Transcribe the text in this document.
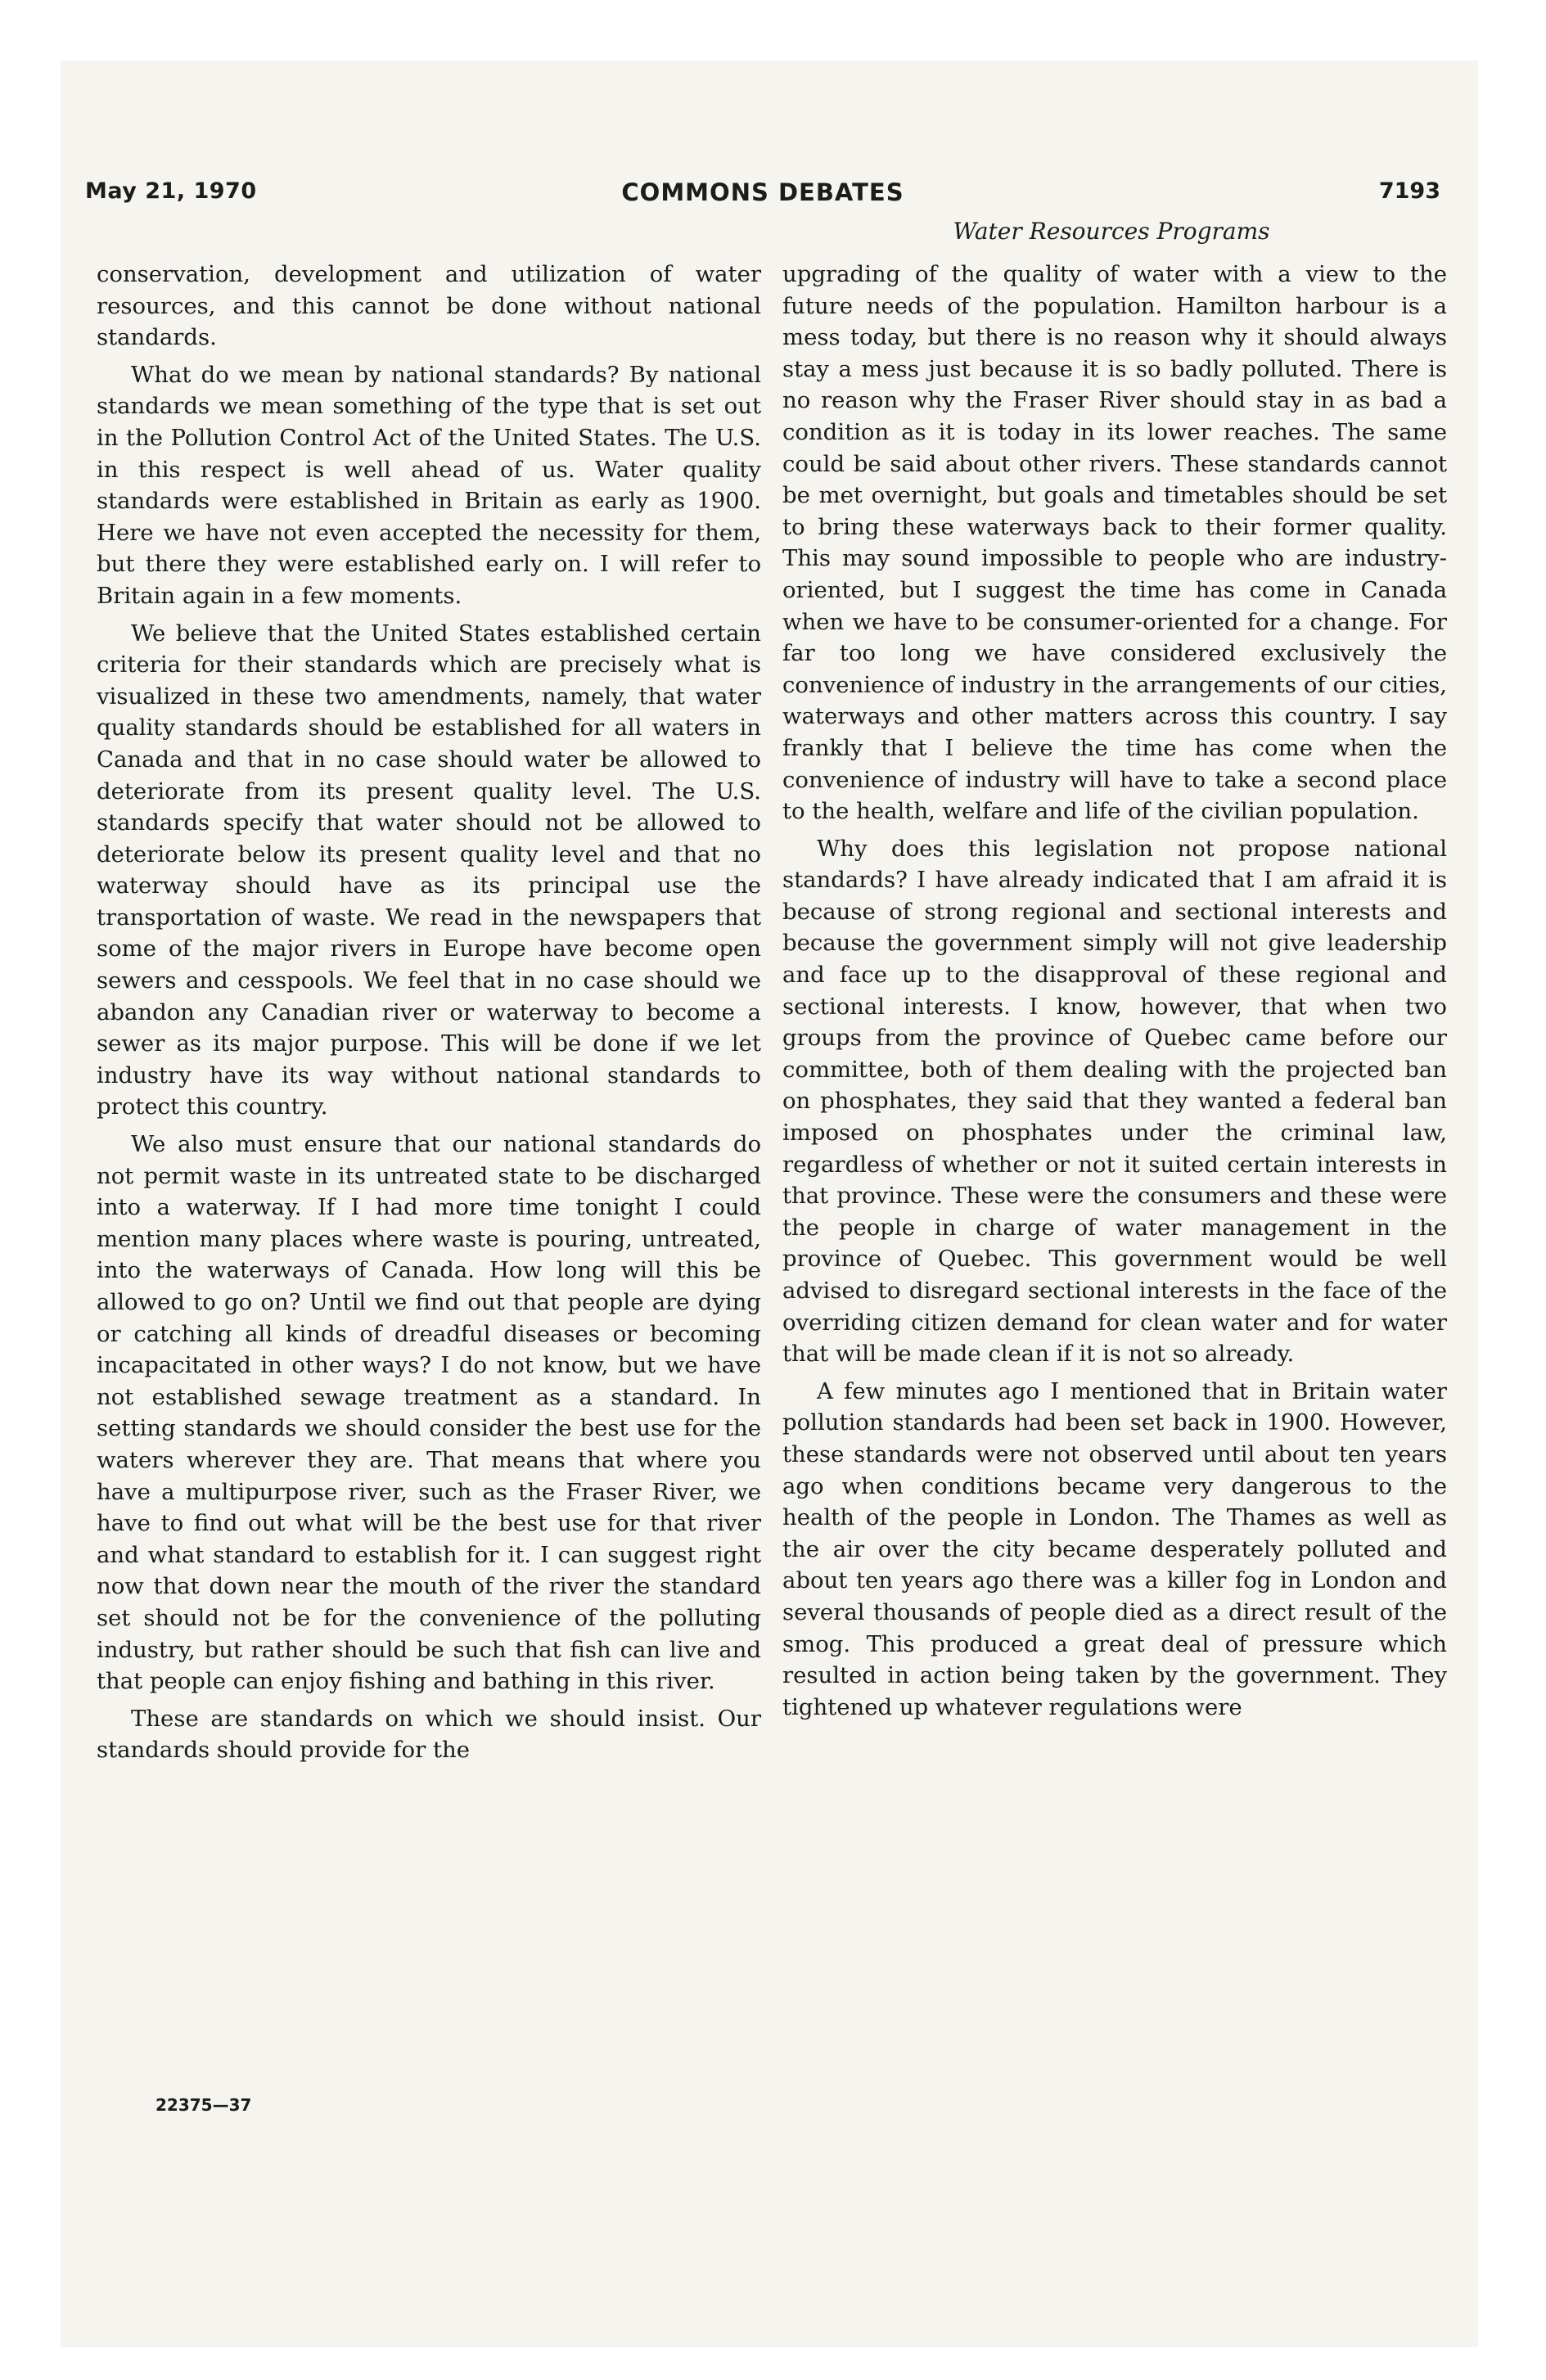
May 21, 1970	COMMONS DEBATES	7193
Water Resources Programs

conservation, development and utilization of water resources, and this cannot be done without national standards.

What do we mean by national standards? By national standards we mean something of the type that is set out in the Pollution Control Act of the United States. The U.S. in this respect is well ahead of us. Water quality standards were established in Britain as early as 1900. Here we have not even accepted the necessity for them, but there they were established early on. I will refer to Britain again in a few moments.

We believe that the United States established certain criteria for their standards which are precisely what is visualized in these two amendments, namely, that water quality standards should be established for all waters in Canada and that in no case should water be allowed to deteriorate from its present quality level. The U.S. standards specify that water should not be allowed to deteriorate below its present quality level and that no waterway should have as its principal use the transportation of waste. We read in the newspapers that some of the major rivers in Europe have become open sewers and cesspools. We feel that in no case should we abandon any Canadian river or waterway to become a sewer as its major purpose. This will be done if we let industry have its way without national standards to protect this country.

We also must ensure that our national standards do not permit waste in its untreated state to be discharged into a waterway. If I had more time tonight I could mention many places where waste is pouring, untreated, into the waterways of Canada. How long will this be allowed to go on? Until we find out that people are dying or catching all kinds of dreadful diseases or becoming incapacitated in other ways? I do not know, but we have not established sewage treatment as a standard. In setting standards we should consider the best use for the waters wherever they are. That means that where you have a multipurpose river, such as the Fraser River, we have to find out what will be the best use for that river and what standard to establish for it. I can suggest right now that down near the mouth of the river the standard set should not be for the convenience of the polluting industry, but rather should be such that fish can live and that people can enjoy fishing and bathing in this river.

These are standards on which we should insist. Our standards should provide for the

upgrading of the quality of water with a view to the future needs of the population. Hamilton harbour is a mess today, but there is no reason why it should always stay a mess just because it is so badly polluted. There is no reason why the Fraser River should stay in as bad a condition as it is today in its lower reaches. The same could be said about other rivers. These standards cannot be met overnight, but goals and timetables should be set to bring these waterways back to their former quality. This may sound impossible to people who are industry-oriented, but I suggest the time has come in Canada when we have to be consumer-oriented for a change. For far too long we have considered exclusively the convenience of industry in the arrangements of our cities, waterways and other matters across this country. I say frankly that I believe the time has come when the convenience of industry will have to take a second place to the health, welfare and life of the civilian population.

Why does this legislation not propose national standards? I have already indicated that I am afraid it is because of strong regional and sectional interests and because the government simply will not give leadership and face up to the disapproval of these regional and sectional interests. I know, however, that when two groups from the province of Quebec came before our committee, both of them dealing with the projected ban on phosphates, they said that they wanted a federal ban imposed on phosphates under the criminal law, regardless of whether or not it suited certain interests in that province. These were the consumers and these were the people in charge of water management in the province of Quebec. This government would be well advised to disregard sectional interests in the face of the overriding citizen demand for clean water and for water that will be made clean if it is not so already.

A few minutes ago I mentioned that in Britain water pollution standards had been set back in 1900. However, these standards were not observed until about ten years ago when conditions became very dangerous to the health of the people in London. The Thames as well as the air over the city became desperately polluted and about ten years ago there was a killer fog in London and several thousands of people died as a direct result of the smog. This produced a great deal of pressure which resulted in action being taken by the government. They tightened up whatever regulations were

22375—37
